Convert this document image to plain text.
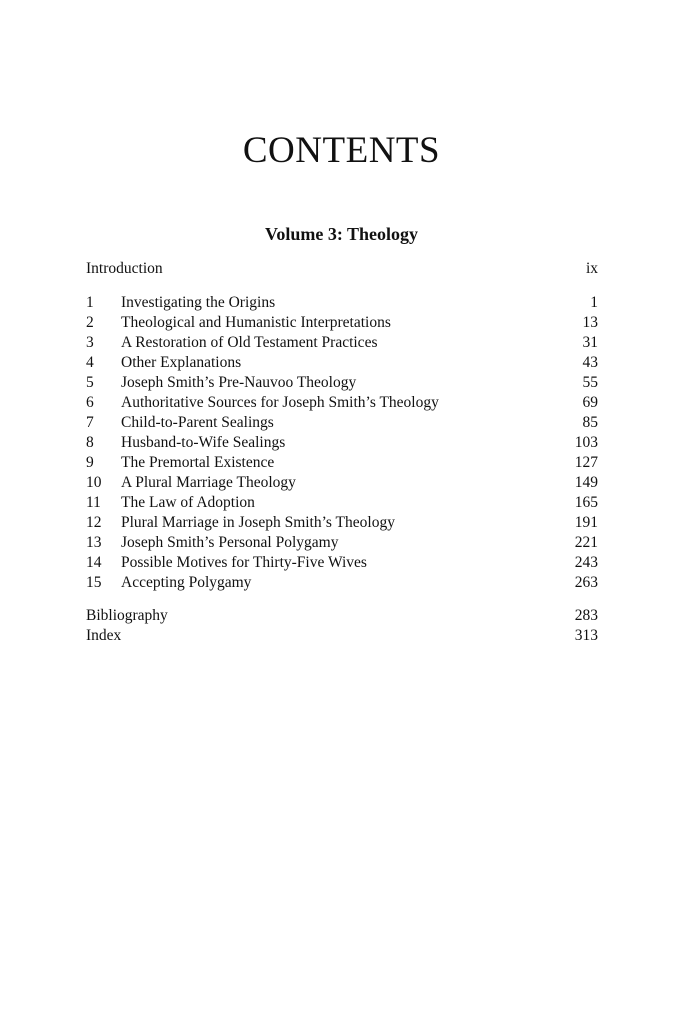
CONTENTS
Volume 3: Theology
Introduction	ix
1 Investigating the Origins	1
2 Theological and Humanistic Interpretations	13
3 A Restoration of Old Testament Practices	31
4 Other Explanations	43
5 Joseph Smith’s Pre-Nauvoo Theology	55
6 Authoritative Sources for Joseph Smith’s Theology	69
7 Child-to-Parent Sealings	85
8 Husband-to-Wife Sealings	103
9 The Premortal Existence	127
10 A Plural Marriage Theology	149
11 The Law of Adoption	165
12 Plural Marriage in Joseph Smith’s Theology	191
13 Joseph Smith’s Personal Polygamy	221
14 Possible Motives for Thirty-Five Wives	243
15 Accepting Polygamy	263
Bibliography	283
Index	313
